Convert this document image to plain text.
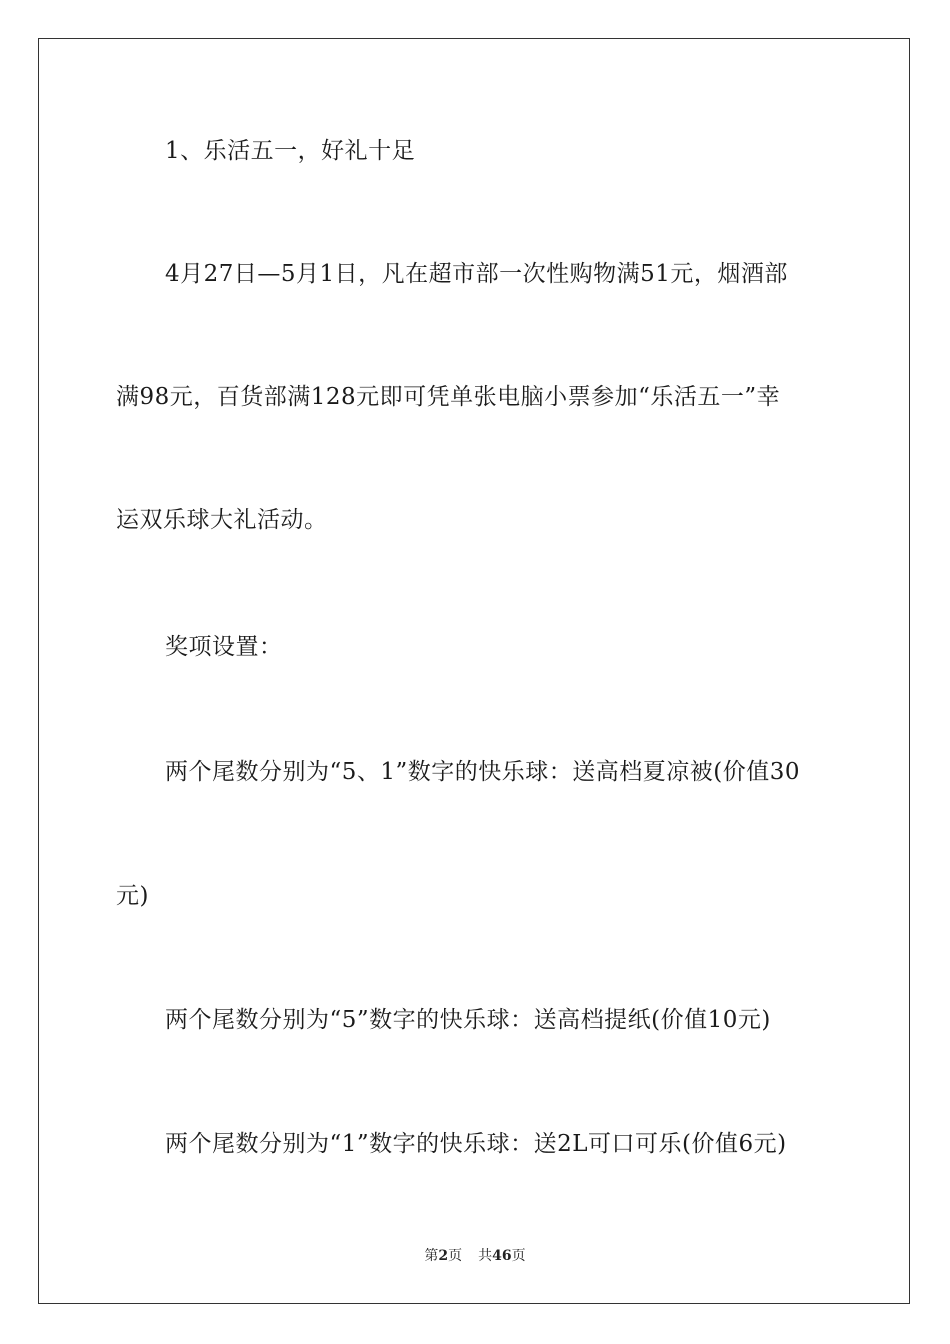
1、乐活五一，好礼十足
4月27日—5月1日，凡在超市部一次性购物满51元，烟酒部
满98元，百货部满128元即可凭单张电脑小票参加“乐活五一”幸
运双乐球大礼活动。
奖项设置：
两个尾数分别为“5、1”数字的快乐球：送高档夏凉被(价值30
元)
两个尾数分别为“5”数字的快乐球：送高档提纸(价值10元)
两个尾数分别为“1”数字的快乐球：送2L可口可乐(价值6元)
第2页 共46页
